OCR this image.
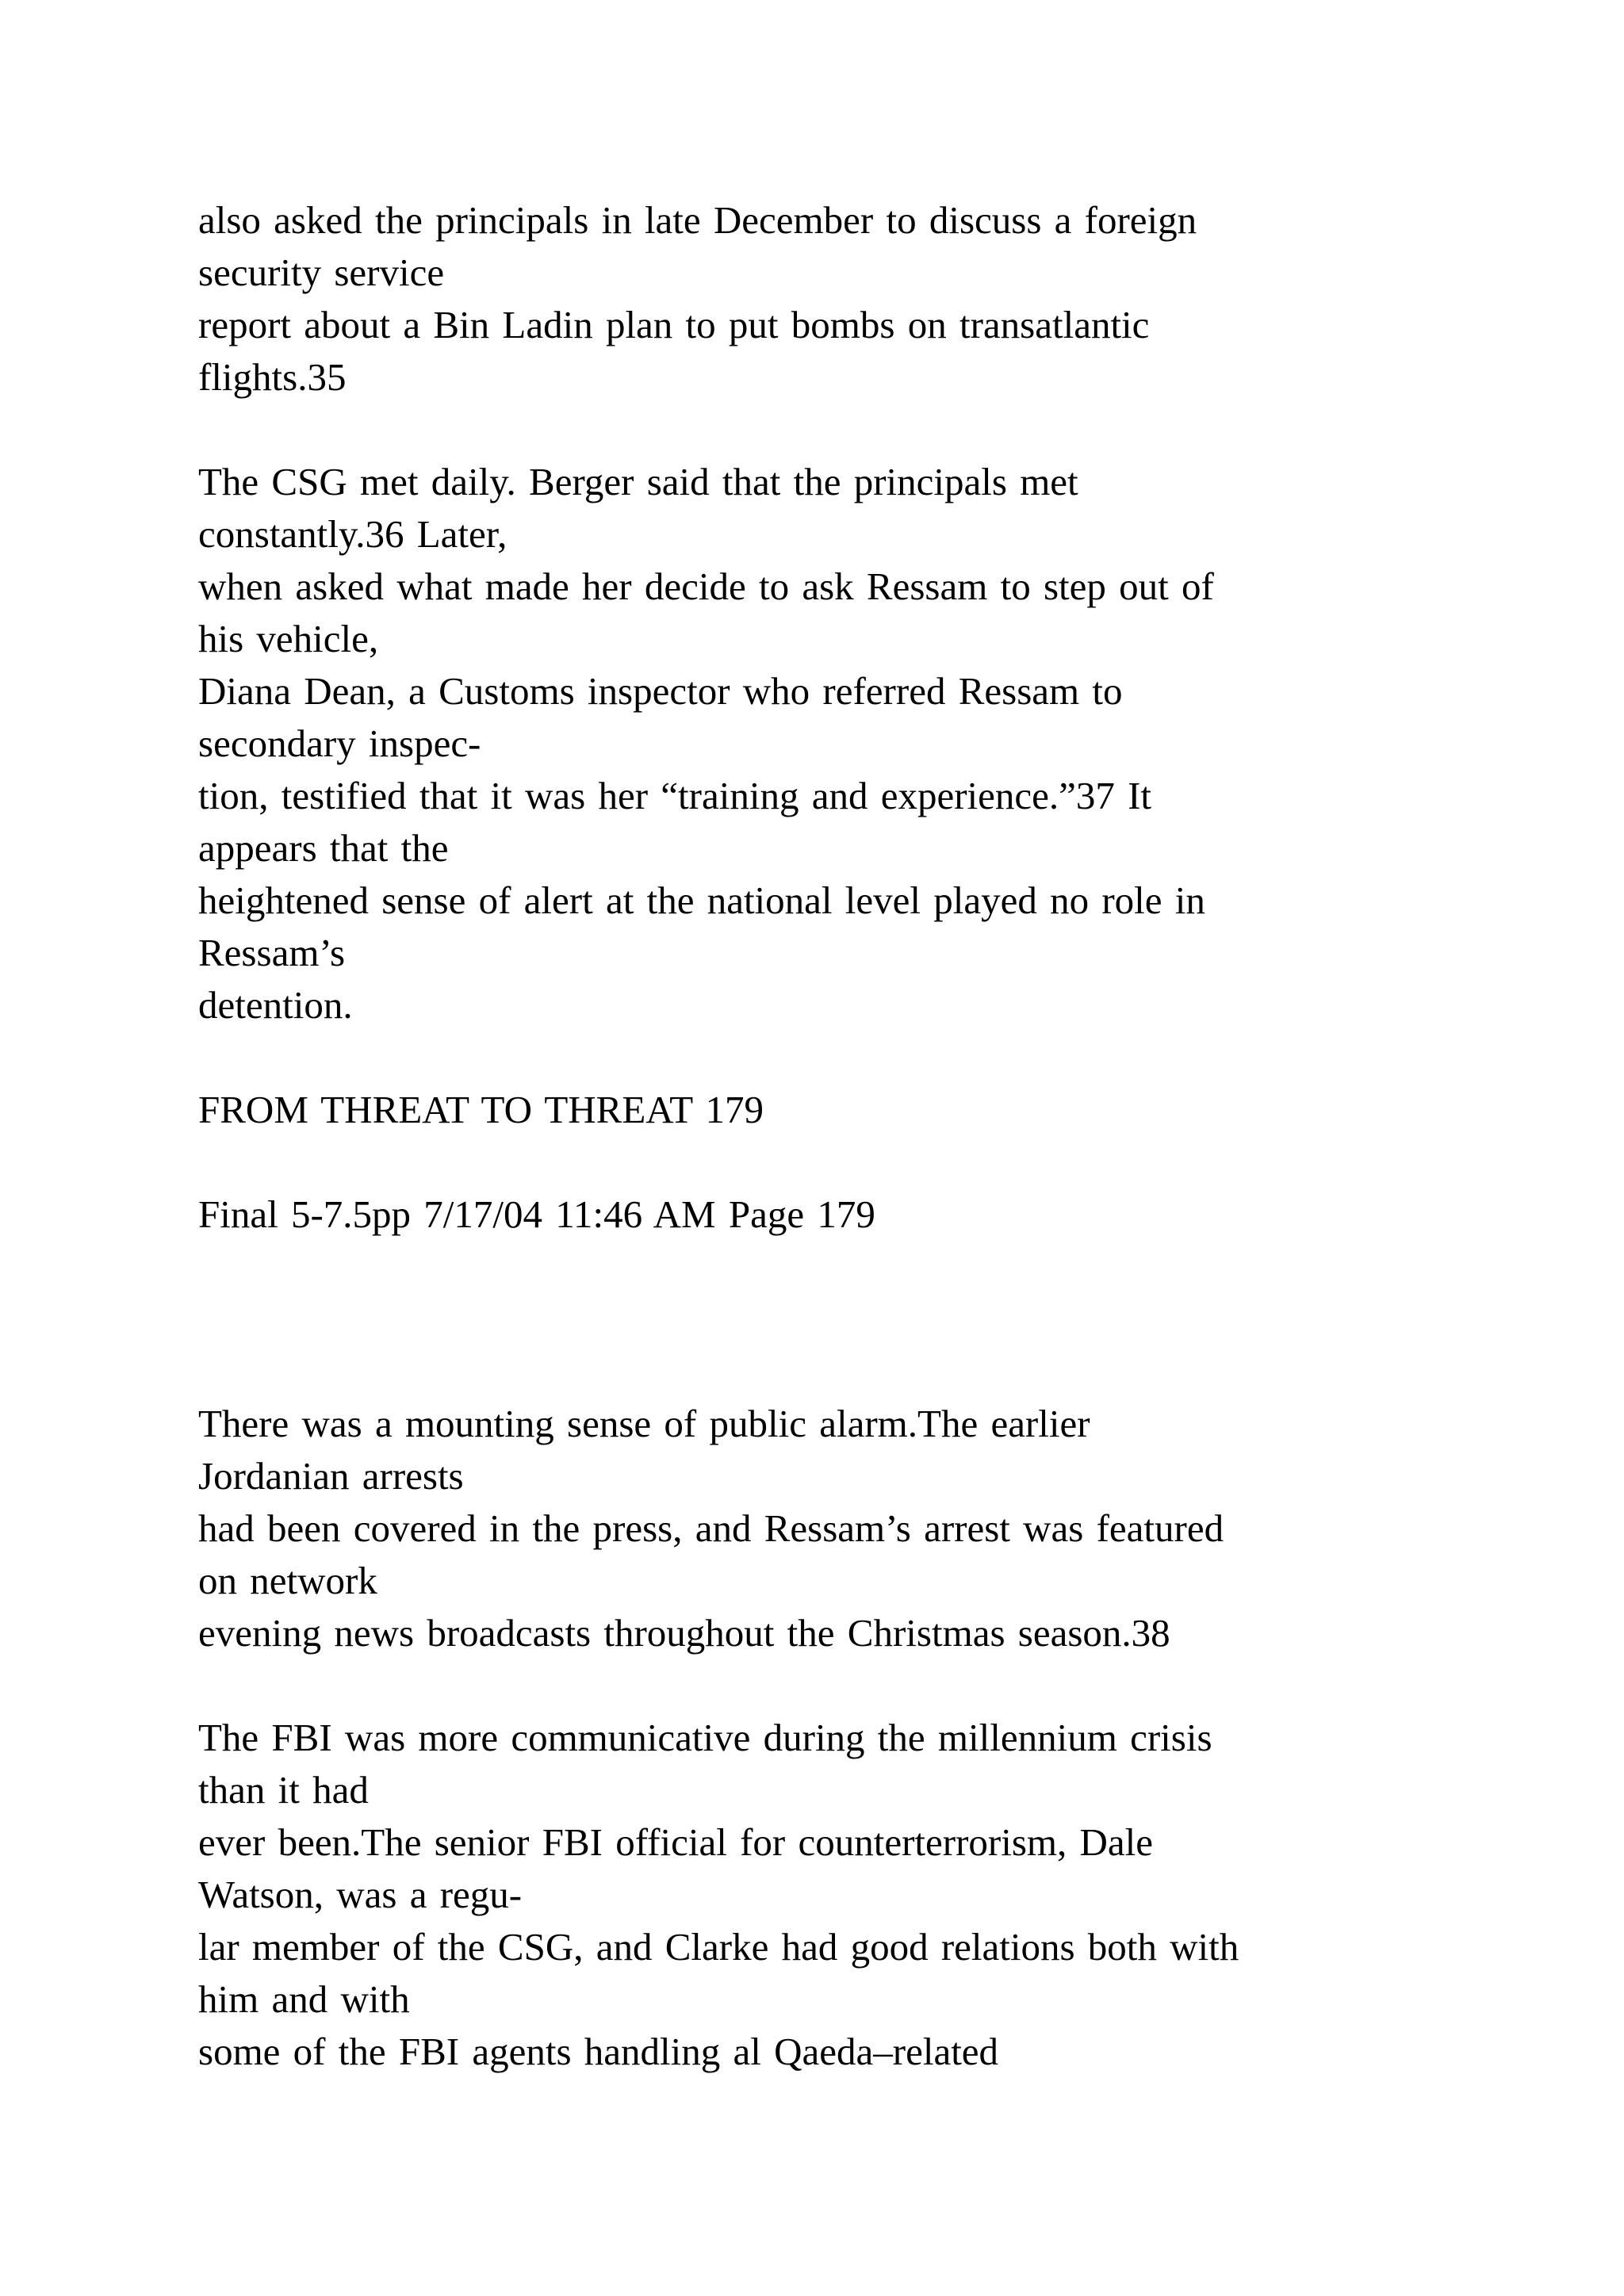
also asked the principals in late December to discuss a foreign
security service
report about a Bin Ladin plan to put bombs on transatlantic
flights.35
The CSG met daily. Berger said that the principals met
constantly.36 Later,
when asked what made her decide to ask Ressam to step out of
his vehicle,
Diana Dean, a Customs inspector who referred Ressam to
secondary inspec-
tion, testified that it was her “training and experience.”37 It
appears that the
heightened sense of alert at the national level played no role in
Ressam’s
detention.
FROM THREAT TO THREAT 179
Final 5-7.5pp 7/17/04 11:46 AM Page 179
There was a mounting sense of public alarm.The earlier
Jordanian arrests
had been covered in the press, and Ressam’s arrest was featured
on network
evening news broadcasts throughout the Christmas season.38
The FBI was more communicative during the millennium crisis
than it had
ever been.The senior FBI official for counterterrorism, Dale
Watson, was a regu-
lar member of the CSG, and Clarke had good relations both with
him and with
some of the FBI agents handling al Qaeda–related
